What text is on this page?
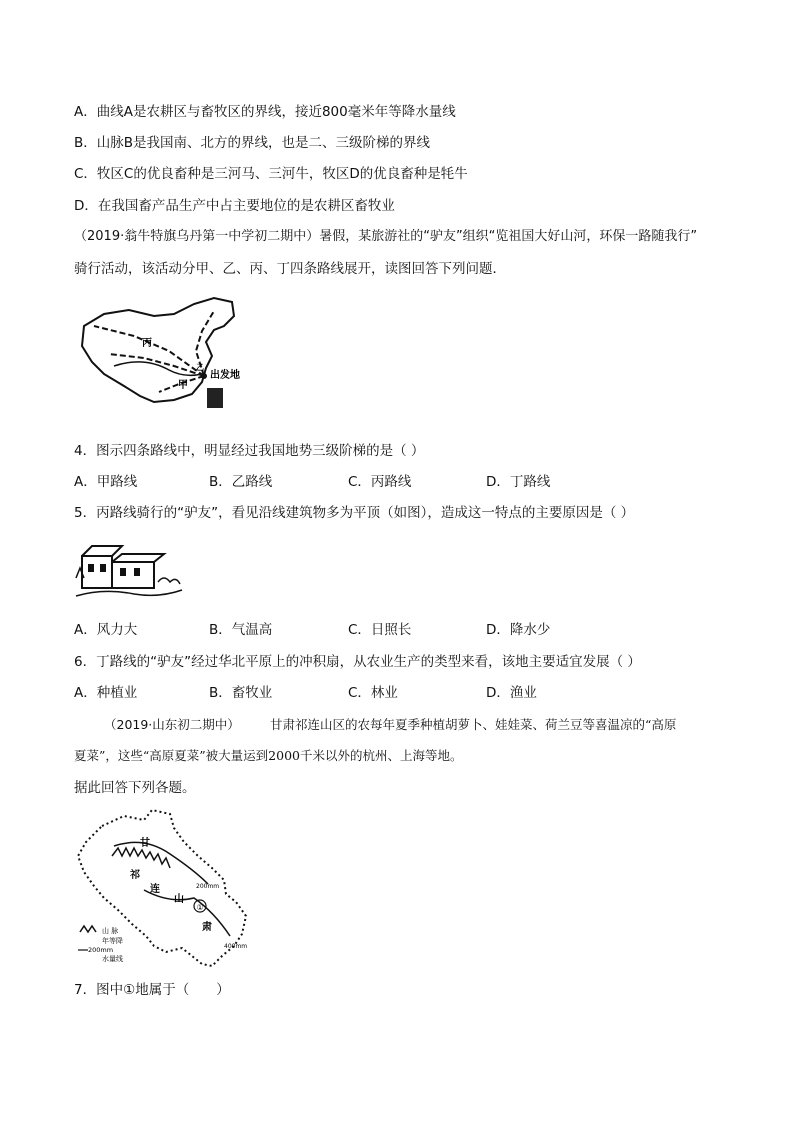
A．曲线A是农耕区与畜牧区的界线，接近800毫米年等降水量线
B．山脉B是我国南、北方的界线，也是二、三级阶梯的界线
C．牧区C的优良畜种是三河马、三河牛，牧区D的优良畜种是牦牛
D．在我国畜产品生产中占主要地位的是农耕区畜牧业
（2019·翁牛特旗乌丹第一中学初二期中）暑假，某旅游社的“驴友”组织“览祖国大好山河，环保一路随我行”
骑行活动，该活动分甲、乙、丙、丁四条路线展开，读图回答下列问题．
丙
甲
乙
出发地
4．图示四条路线中，明显经过我国地势三级阶梯的是（ ）
A．甲路线	B．乙路线	C．丙路线	D．丁路线
5．丙路线骑行的“驴友”，看见沿线建筑物多为平顶（如图），造成这一特点的主要原因是（ ）
A．风力大	B．气温高	C．日照长	D．降水少
6．丁路线的“驴友”经过华北平原上的冲积扇，从农业生产的类型来看，该地主要适宜发展（ ）
A．种植业	B．畜牧业	C．林业	D．渔业
（2019·山东初二期中） 甘肃祁连山区的农每年夏季种植胡萝卜、娃娃菜、荷兰豆等喜温凉的“高原
夏菜”，这些“高原夏菜”被大量运到2000千米以外的杭州、上海等地。
据此回答下列各题。
①
甘
祁
连
山
肃
200mm
400mm
山 脉
年等降
200mm
水量线
7．图中①地属于（　　）
